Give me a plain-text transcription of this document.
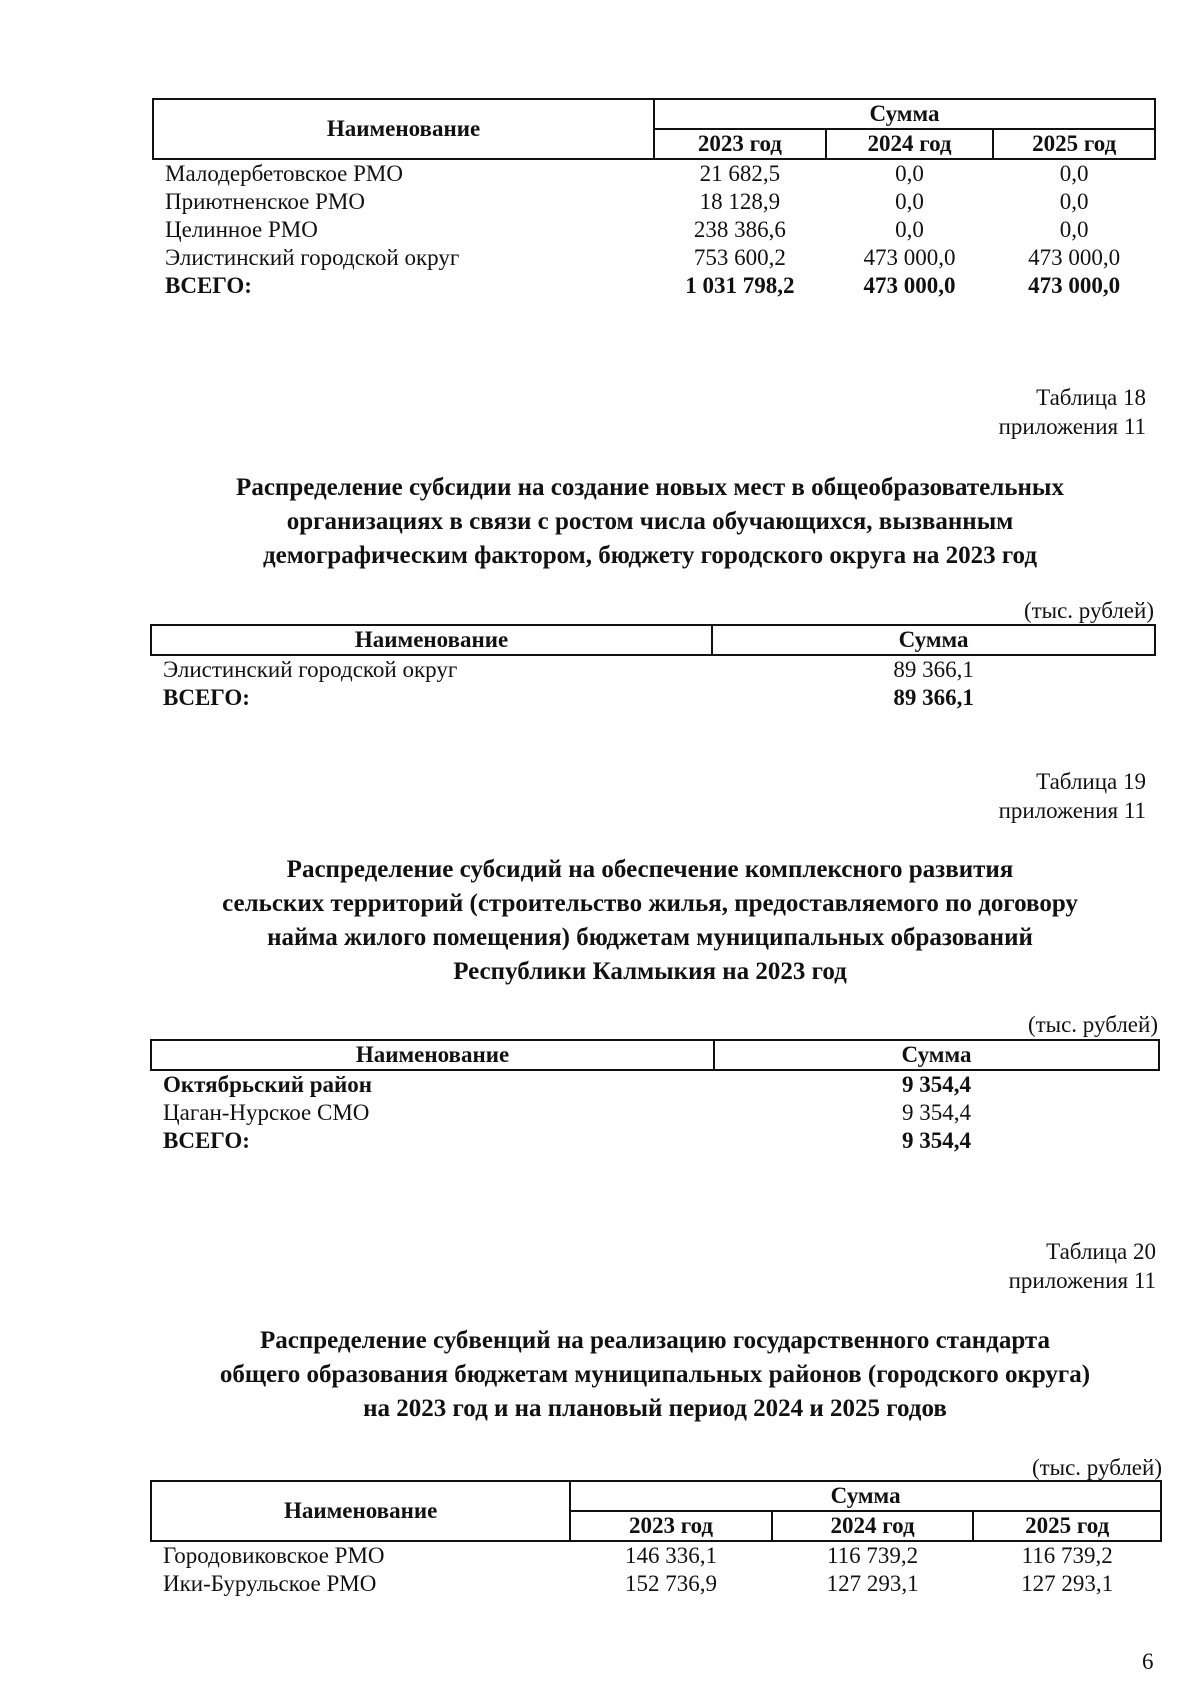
Наименование	Сумма		
	2023 год	2024 год	2025 год
Малодербетовское РМО	21 682,5	0,0	0,0
Приютненское РМО	18 128,9	0,0	0,0
Целинное РМО	238 386,6	0,0	0,0
Элистинский городской округ	753 600,2	473 000,0	473 000,0
ВСЕГО:	1 031 798,2	473 000,0	473 000,0
Таблица 18
приложения 11
Распределение субсидии на создание новых мест в общеобразовательных
организациях в связи с ростом числа обучающихся, вызванным
демографическим фактором, бюджету городского округа на 2023 год
(тыс. рублей)
Наименование	Сумма
Элистинский городской округ	89 366,1
ВСЕГО:	89 366,1
Таблица 19
приложения 11
Распределение субсидий на обеспечение комплексного развития
сельских территорий (строительство жилья, предоставляемого по договору
найма жилого помещения) бюджетам муниципальных образований
Республики Калмыкия на 2023 год
(тыс. рублей)
Наименование	Сумма
Октябрьский район	9 354,4
Цаган-Нурское СМО	9 354,4
ВСЕГО:	9 354,4
Таблица 20
приложения 11
Распределение субвенций на реализацию государственного стандарта
общего образования бюджетам муниципальных районов (городского округа)
на 2023 год и на плановый период 2024 и 2025 годов
(тыс. рублей)
Наименование	Сумма		
	2023 год	2024 год	2025 год
Городовиковское РМО	146 336,1	116 739,2	116 739,2
Ики-Бурульское РМО	152 736,9	127 293,1	127 293,1
6
